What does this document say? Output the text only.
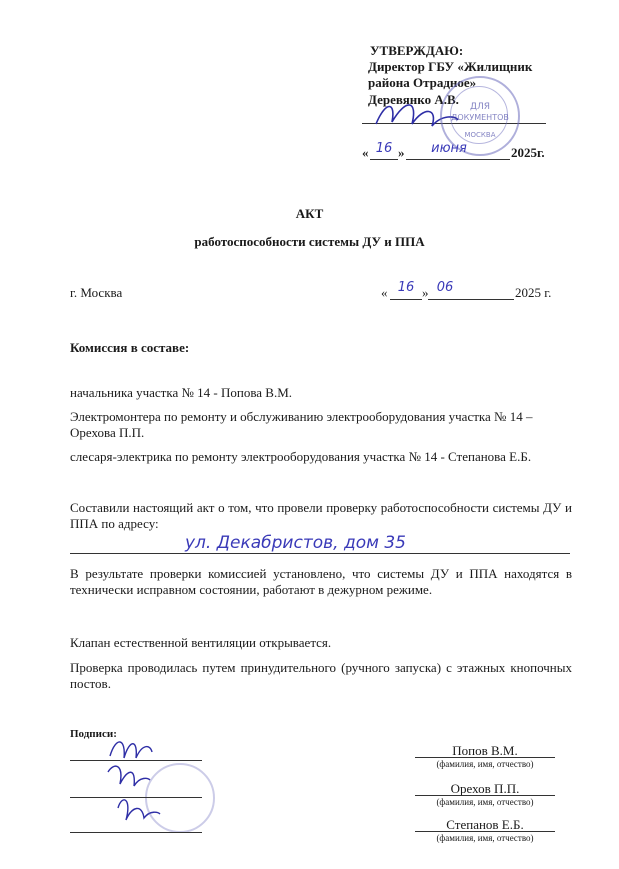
УТВЕРЖДАЮ:
Директор ГБУ «Жилищник
района Отрадное»
Деревянко А.В.	ДЛЯ
ДОКУМЕНТОВ
МОСКВА
« 16 »	июня	2025г.
АКТ
работоспособности системы ДУ и ППА
г. Москва	« 16 » 06	2025 г.
Комиссия в составе:
начальника участка № 14 - Попова В.М.
Электромонтера по ремонту и обслуживанию электрооборудования участка № 14 – Орехова П.П.
слесаря-электрика по ремонту электрооборудования участка № 14 - Степанова Е.Б.
Составили настоящий акт о том, что провели проверку работоспособности системы ДУ и ППА по адресу:
ул. Декабристов, дом 35
В результате проверки комиссией установлено, что системы ДУ и ППА находятся в технически исправном состоянии, работают в дежурном режиме.
Клапан естественной вентиляции открывается.
Проверка проводилась путем принудительного (ручного запуска) с этажных кнопочных постов.
Подписи:
Попов В.М.
(фамилия, имя, отчество)
Орехов П.П.
(фамилия, имя, отчество)
Степанов Е.Б.
(фамилия, имя, отчество)
